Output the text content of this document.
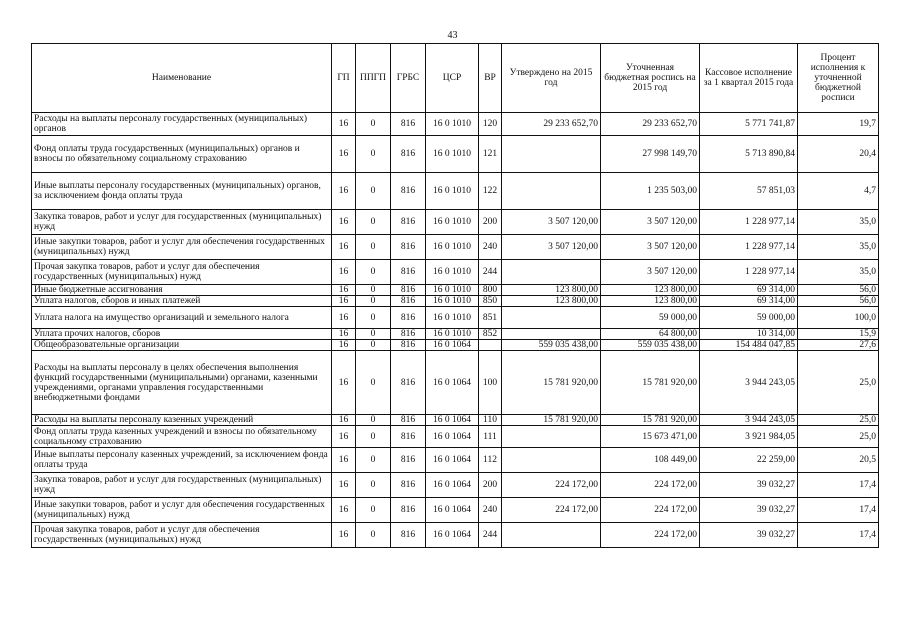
43
Наименование	ГП	ППГП	ГРБС	ЦСР	ВР	Утверждено на 2015 год	Уточненная бюджетная роспись на 2015 год	Кассовое исполнение за 1 квартал 2015 года	Процент исполнения к уточненной бюджетной росписи
Расходы на выплаты персоналу государственных (муниципальных) органов	16	0	816	16 0 1010	120	29 233 652,70	29 233 652,70	5 771 741,87	19,7
Фонд оплаты труда государственных (муниципальных) органов и взносы по обязательному социальному страхованию	16	0	816	16 0 1010	121		27 998 149,70	5 713 890,84	20,4
Иные выплаты персоналу государственных (муниципальных) органов, за исключением фонда оплаты труда	16	0	816	16 0 1010	122		1 235 503,00	57 851,03	4,7
Закупка товаров, работ и услуг для государственных (муниципальных) нужд	16	0	816	16 0 1010	200	3 507 120,00	3 507 120,00	1 228 977,14	35,0
Иные закупки товаров, работ и услуг для обеспечения государственных (муниципальных) нужд	16	0	816	16 0 1010	240	3 507 120,00	3 507 120,00	1 228 977,14	35,0
Прочая закупка товаров, работ и услуг для обеспечения государственных (муниципальных) нужд	16	0	816	16 0 1010	244		3 507 120,00	1 228 977,14	35,0
Иные бюджетные ассигнования	16	0	816	16 0 1010	800	123 800,00	123 800,00	69 314,00	56,0
Уплата налогов, сборов и иных платежей	16	0	816	16 0 1010	850	123 800,00	123 800,00	69 314,00	56,0
Уплата налога на имущество организаций и земельного налога	16	0	816	16 0 1010	851		59 000,00	59 000,00	100,0
Уплата прочих налогов, сборов	16	0	816	16 0 1010	852		64 800,00	10 314,00	15,9
Общеобразовательные организации	16	0	816	16 0 1064		559 035 438,00	559 035 438,00	154 484 047,85	27,6
Расходы на выплаты персоналу в целях обеспечения выполнения функций государственными (муниципальными) органами, казенными учреждениями, органами управления государственными внебюджетными фондами	16	0	816	16 0 1064	100	15 781 920,00	15 781 920,00	3 944 243,05	25,0
Расходы на выплаты персоналу казенных учреждений	16	0	816	16 0 1064	110	15 781 920,00	15 781 920,00	3 944 243,05	25,0
Фонд оплаты труда казенных учреждений и взносы по обязательному социальному страхованию	16	0	816	16 0 1064	111		15 673 471,00	3 921 984,05	25,0
Иные выплаты персоналу казенных учреждений, за исключением фонда оплаты труда	16	0	816	16 0 1064	112		108 449,00	22 259,00	20,5
Закупка товаров, работ и услуг для государственных (муниципальных) нужд	16	0	816	16 0 1064	200	224 172,00	224 172,00	39 032,27	17,4
Иные закупки товаров, работ и услуг для обеспечения государственных (муниципальных) нужд	16	0	816	16 0 1064	240	224 172,00	224 172,00	39 032,27	17,4
Прочая закупка товаров, работ и услуг для обеспечения государственных (муниципальных) нужд	16	0	816	16 0 1064	244		224 172,00	39 032,27	17,4
